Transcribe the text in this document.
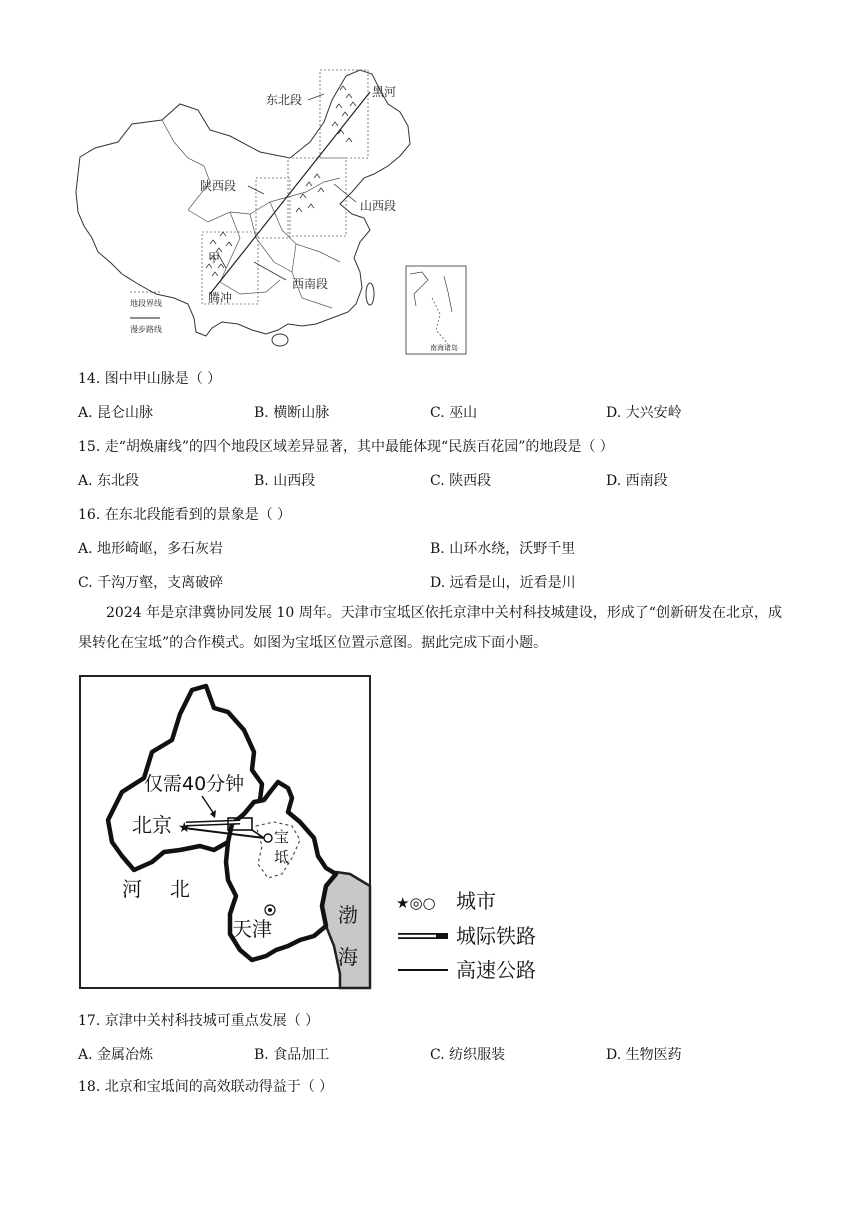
东北段
黑河
陕西段
山西段
甲
西南段
腾冲
地段界线
漫步路线
南海诸岛
14. 图中甲山脉是（ ）
A. 昆仑山脉	B. 横断山脉	C. 巫山	D. 大兴安岭
15. 走“胡焕庸线”的四个地段区域差异显著，其中最能体现“民族百花园”的地段是（ ）
A. 东北段	B. 山西段	C. 陕西段	D. 西南段
16. 在东北段能看到的景象是（ ）
A. 地形崎岖，多石灰岩	B. 山环水绕，沃野千里
C. 千沟万壑，支离破碎	D. 远看是山，近看是川
2024 年是京津冀协同发展 10 周年。天津市宝坻区依托京津中关村科技城建设，形成了“创新研发在北京，成果转化在宝坻”的合作模式。如图为宝坻区位置示意图。据此完成下面小题。
★
仅需40分钟
北京	宝
坻
河 北
天津
渤
海
★◎○ 城市
城际铁路
高速公路
17. 京津中关村科技城可重点发展（ ）
A. 金属冶炼	B. 食品加工	C. 纺织服装	D. 生物医药
18. 北京和宝坻间的高效联动得益于（ ）
